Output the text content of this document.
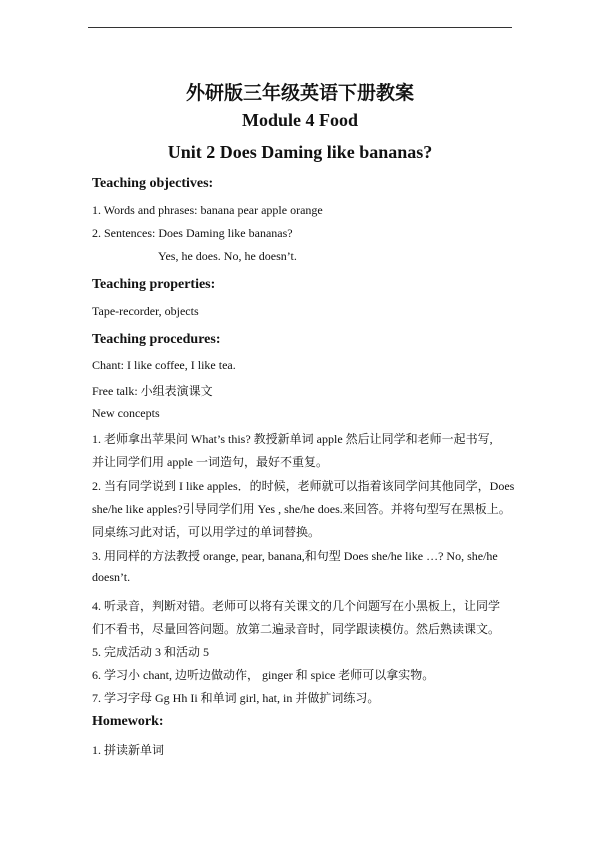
外研版三年级英语下册教案
Module 4 Food
Unit 2 Does Daming like bananas?
Teaching objectives:
1. Words and phrases: banana pear apple orange
2. Sentences: Does Daming like bananas?
Yes, he does. No, he doesn’t.
Teaching properties:
Tape-recorder, objects
Teaching procedures:
Chant: I like coffee, I like tea.
Free talk: 小组表演课文
New concepts
1. 老师拿出苹果问 What’s this? 教授新单词 apple 然后让同学和老师一起书写,
并让同学们用 apple 一词造句，最好不重复。
2. 当有同学说到 I like apples．的时候，老师就可以指着该同学问其他同学，Does
she/he like apples?引导同学们用 Yes , she/he does.来回答。并将句型写在黑板上。
同桌练习此对话，可以用学过的单词替换。
3. 用同样的方法教授 orange, pear, banana,和句型 Does she/he like …? No, she/he
doesn’t.
4. 听录音，判断对错。老师可以将有关课文的几个问题写在小黑板上，让同学
们不看书，尽量回答问题。放第二遍录音时，同学跟读模仿。然后熟读课文。
5. 完成活动 3 和活动 5
6. 学习小 chant, 边听边做动作， ginger 和 spice 老师可以拿实物。
7. 学习字母 Gg Hh Ii 和单词 girl, hat, in 并做扩词练习。
Homework:
1. 拼读新单词
